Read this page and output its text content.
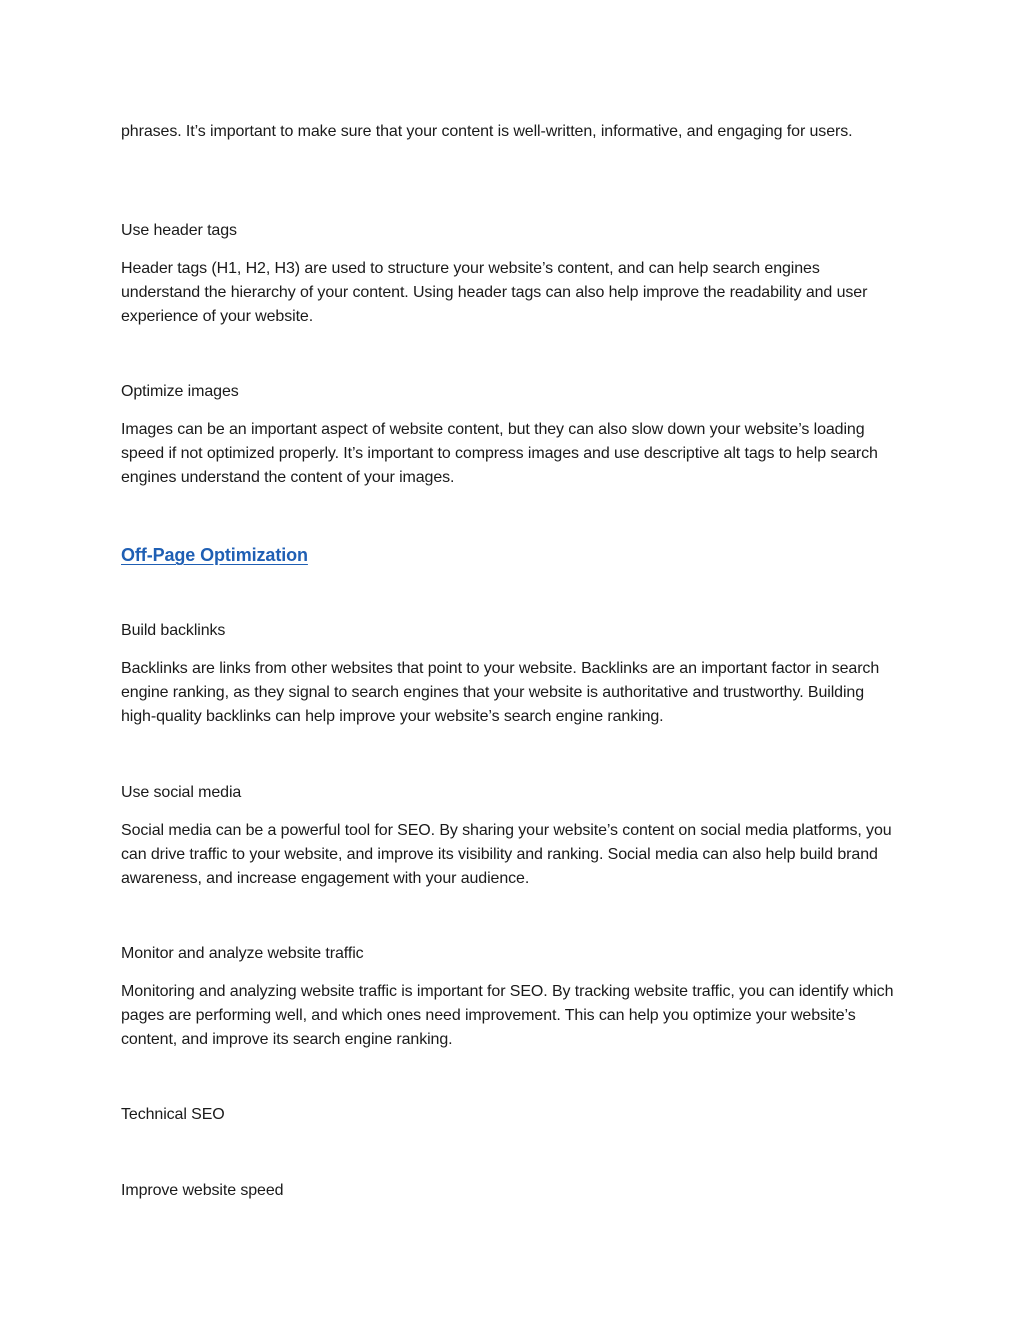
phrases. It’s important to make sure that your content is well-written, informative, and engaging for users.

Use header tags

Header tags (H1, H2, H3) are used to structure your website’s content, and can help search engines understand the hierarchy of your content. Using header tags can also help improve the readability and user experience of your website.

Optimize images

Images can be an important aspect of website content, but they can also slow down your website’s loading speed if not optimized properly. It’s important to compress images and use descriptive alt tags to help search engines understand the content of your images.

Off-Page Optimization

Build backlinks

Backlinks are links from other websites that point to your website. Backlinks are an important factor in search engine ranking, as they signal to search engines that your website is authoritative and trustworthy. Building high-quality backlinks can help improve your website’s search engine ranking.

Use social media

Social media can be a powerful tool for SEO. By sharing your website’s content on social media platforms, you can drive traffic to your website, and improve its visibility and ranking. Social media can also help build brand awareness, and increase engagement with your audience.

Monitor and analyze website traffic

Monitoring and analyzing website traffic is important for SEO. By tracking website traffic, you can identify which pages are performing well, and which ones need improvement. This can help you optimize your website’s content, and improve its search engine ranking.

Technical SEO

Improve website speed
